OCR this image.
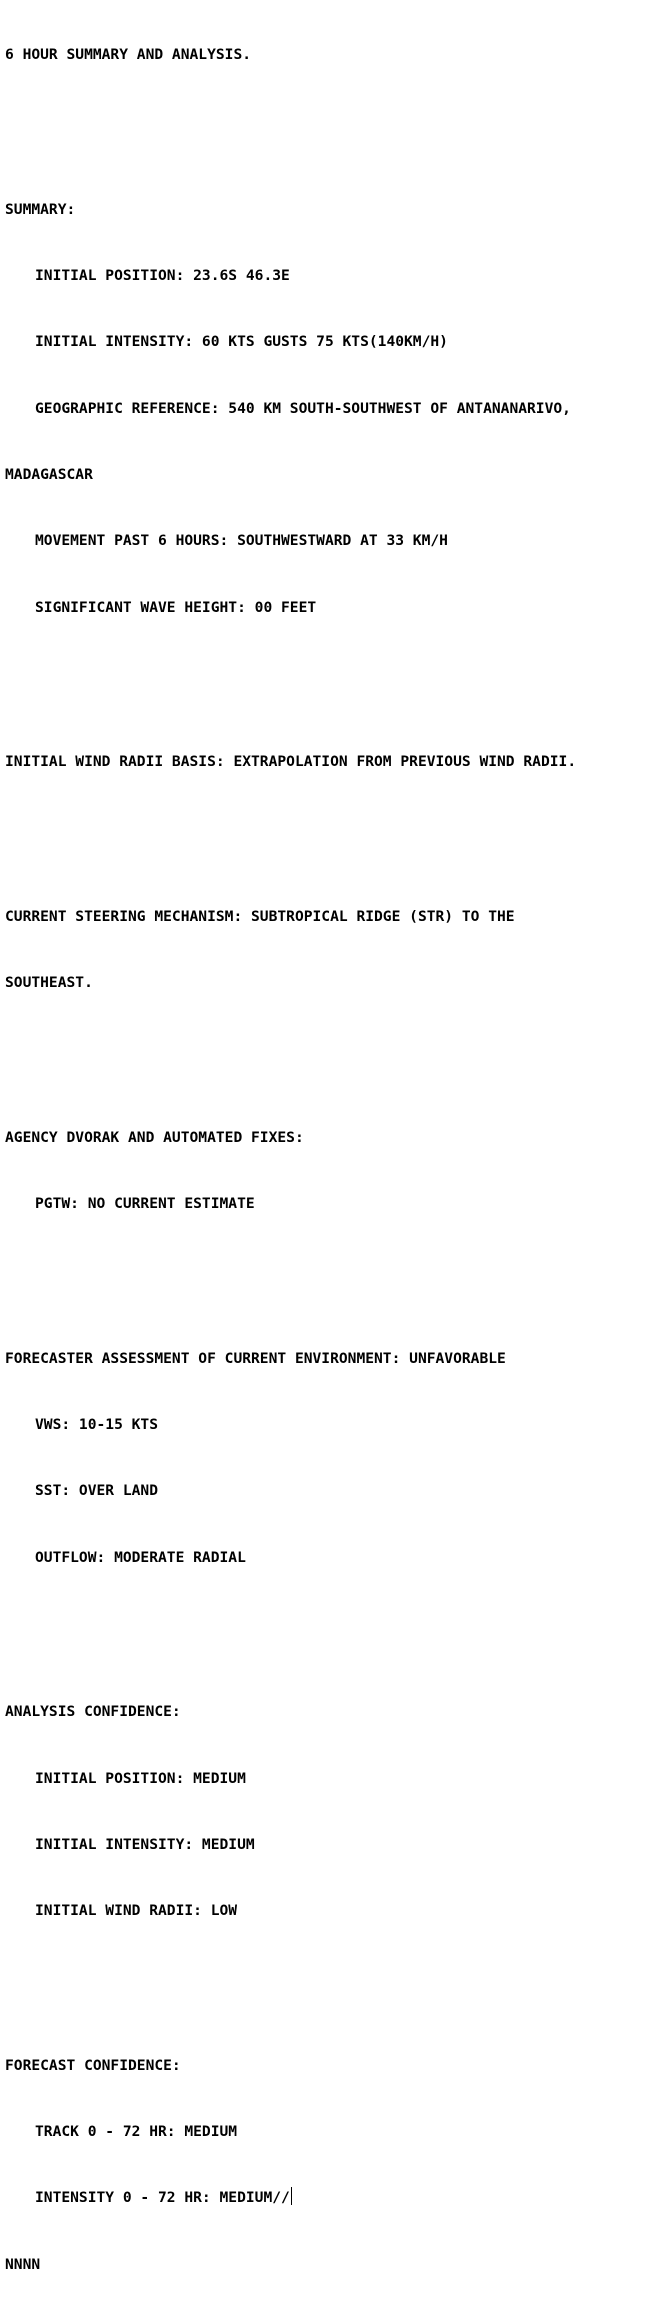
6 HOUR SUMMARY AND ANALYSIS.

SUMMARY:

INITIAL POSITION: 23.6S 46.3E

INITIAL INTENSITY: 60 KTS GUSTS 75 KTS(140KM/H)

GEOGRAPHIC REFERENCE: 540 KM SOUTH-SOUTHWEST OF ANTANANARIVO,

MADAGASCAR

MOVEMENT PAST 6 HOURS: SOUTHWESTWARD AT 33 KM/H

SIGNIFICANT WAVE HEIGHT: 00 FEET

INITIAL WIND RADII BASIS: EXTRAPOLATION FROM PREVIOUS WIND RADII.

CURRENT STEERING MECHANISM: SUBTROPICAL RIDGE (STR) TO THE

SOUTHEAST.

AGENCY DVORAK AND AUTOMATED FIXES:

PGTW: NO CURRENT ESTIMATE

FORECASTER ASSESSMENT OF CURRENT ENVIRONMENT: UNFAVORABLE

VWS: 10-15 KTS

SST: OVER LAND

OUTFLOW: MODERATE RADIAL

ANALYSIS CONFIDENCE:

INITIAL POSITION: MEDIUM

INITIAL INTENSITY: MEDIUM

INITIAL WIND RADII: LOW

FORECAST CONFIDENCE:

TRACK 0 - 72 HR: MEDIUM

INTENSITY 0 - 72 HR: MEDIUM//

NNNN
